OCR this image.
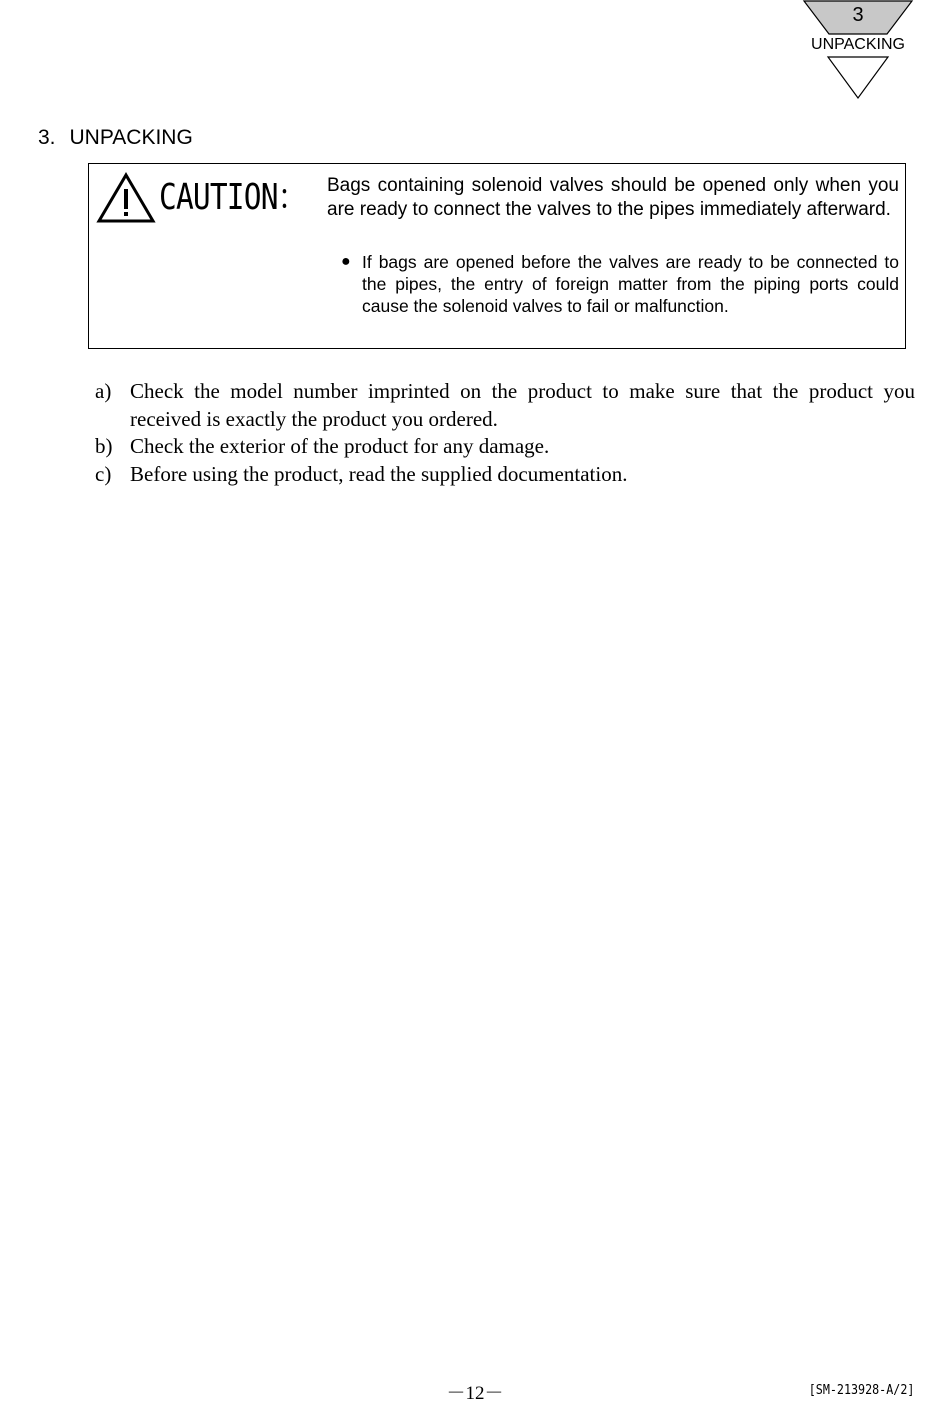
3
UNPACKING
3. UNPACKING
CAUTION： Bags containing solenoid valves should be opened only when you are ready to connect the valves to the pipes immediately afterward.
● If bags are opened before the valves are ready to be connected to the pipes, the entry of foreign matter from the piping ports could cause the solenoid valves to fail or malfunction.
a) Check the model number imprinted on the product to make sure that the product you received is exactly the product you ordered.
b) Check the exterior of the product for any damage.
c) Before using the product, read the supplied documentation.
－12－	[SM-213928-A/2]
